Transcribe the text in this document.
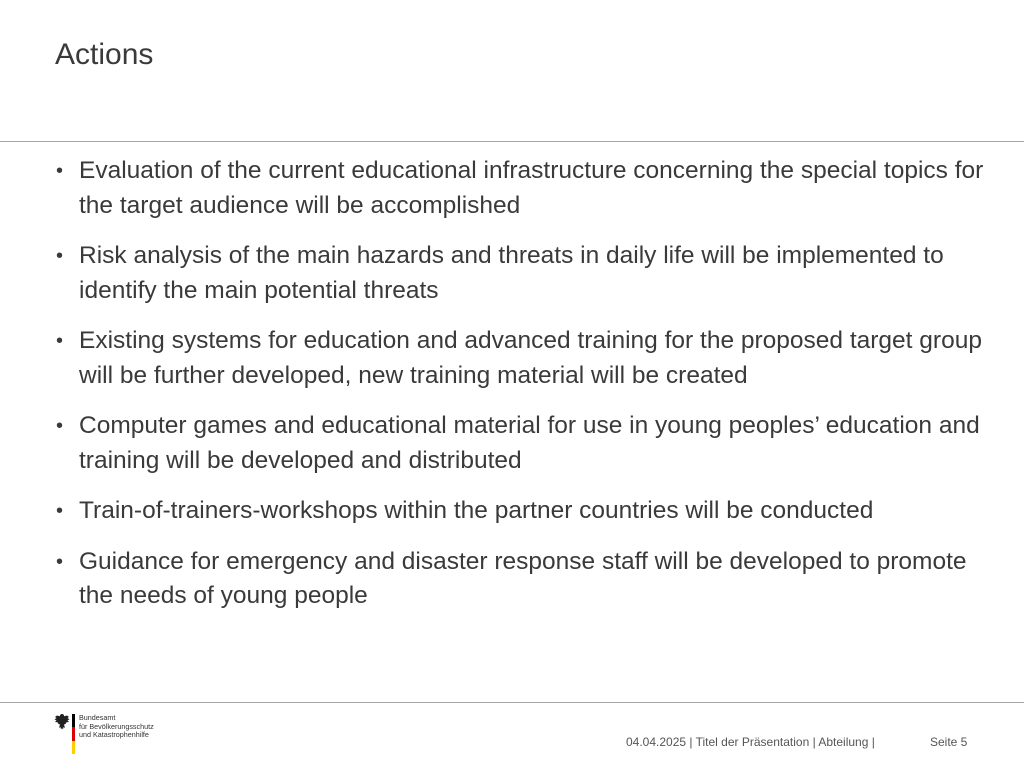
Actions
• Evaluation of the current educational infrastructure concerning the special topics for the target audience will be accomplished
• Risk analysis of the main hazards and threats in daily life will be implemented to identify the main potential threats
• Existing systems for education and advanced training for the proposed target group will be further developed, new training material will be created
• Computer games and educational material for use in young peoples’ education and training will be developed and distributed
• Train-of-trainers-workshops within the partner countries will be conducted
• Guidance for emergency and disaster response staff will be developed to promote the needs of young people
Bundesamt
für Bevölkerungsschutz
und Katastrophenhilfe
04.04.2025 | Titel der Präsentation | Abteilung |	Seite 5
